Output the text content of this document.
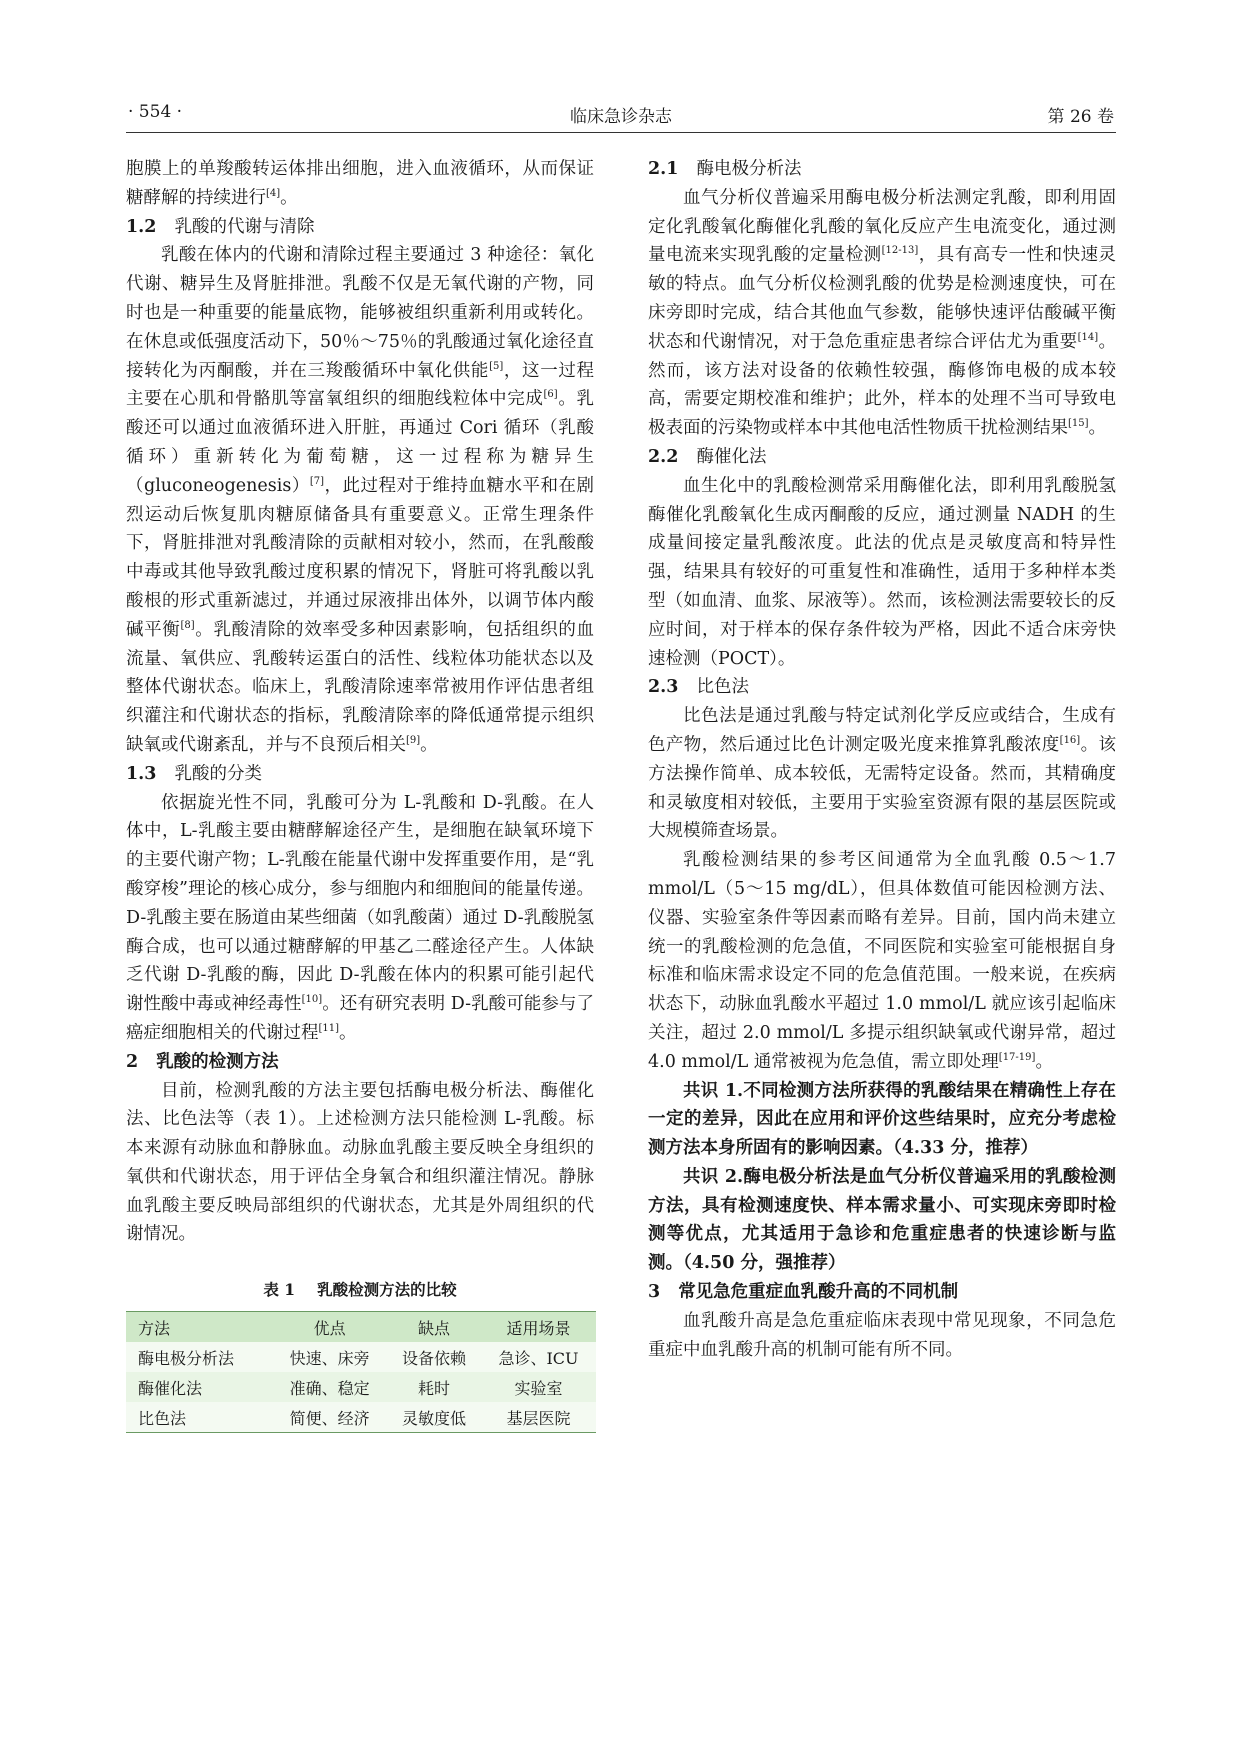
· 554 ·	临床急诊杂志	第 26 卷

胞膜上的单羧酸转运体排出细胞，进入血液循环，从而保证糖酵解的持续进行[4]。

1.2 乳酸的代谢与清除

乳酸在体内的代谢和清除过程主要通过 3 种途径：氧化代谢、糖异生及肾脏排泄。乳酸不仅是无氧代谢的产物，同时也是一种重要的能量底物，能够被组织重新利用或转化。在休息或低强度活动下，50％～75％的乳酸通过氧化途径直接转化为丙酮酸，并在三羧酸循环中氧化供能[5]，这一过程主要在心肌和骨骼肌等富氧组织的细胞线粒体中完成[6]。乳酸还可以通过血液循环进入肝脏，再通过 Cori 循环（乳酸循环）重新转化为葡萄糖，这一过程称为糖异生（gluconeogenesis）[7]，此过程对于维持血糖水平和在剧烈运动后恢复肌肉糖原储备具有重要意义。正常生理条件下，肾脏排泄对乳酸清除的贡献相对较小，然而，在乳酸酸中毒或其他导致乳酸过度积累的情况下，肾脏可将乳酸以乳酸根的形式重新滤过，并通过尿液排出体外，以调节体内酸碱平衡[8]。乳酸清除的效率受多种因素影响，包括组织的血流量、氧供应、乳酸转运蛋白的活性、线粒体功能状态以及整体代谢状态。临床上，乳酸清除速率常被用作评估患者组织灌注和代谢状态的指标，乳酸清除率的降低通常提示组织缺氧或代谢紊乱，并与不良预后相关[9]。

1.3 乳酸的分类

依据旋光性不同，乳酸可分为 L-乳酸和 D-乳酸。在人体中，L-乳酸主要由糖酵解途径产生，是细胞在缺氧环境下的主要代谢产物；L-乳酸在能量代谢中发挥重要作用，是“乳酸穿梭”理论的核心成分，参与细胞内和细胞间的能量传递。D-乳酸主要在肠道由某些细菌（如乳酸菌）通过 D-乳酸脱氢酶合成，也可以通过糖酵解的甲基乙二醛途径产生。人体缺乏代谢 D-乳酸的酶，因此 D-乳酸在体内的积累可能引起代谢性酸中毒或神经毒性[10]。还有研究表明 D-乳酸可能参与了癌症细胞相关的代谢过程[11]。

2 乳酸的检测方法

目前，检测乳酸的方法主要包括酶电极分析法、酶催化法、比色法等（表 1）。上述检测方法只能检测 L-乳酸。标本来源有动脉血和静脉血。动脉血乳酸主要反映全身组织的氧供和代谢状态，用于评估全身氧合和组织灌注情况。静脉血乳酸主要反映局部组织的代谢状态，尤其是外周组织的代谢情况。

表 1 乳酸检测方法的比较
方法	优点	缺点	适用场景
酶电极分析法	快速、床旁	设备依赖	急诊、ICU
酶催化法	准确、稳定	耗时	实验室
比色法	简便、经济	灵敏度低	基层医院
2.1 酶电极分析法

血气分析仪普遍采用酶电极分析法测定乳酸，即利用固定化乳酸氧化酶催化乳酸的氧化反应产生电流变化，通过测量电流来实现乳酸的定量检测[12-13]，具有高专一性和快速灵敏的特点。血气分析仪检测乳酸的优势是检测速度快，可在床旁即时完成，结合其他血气参数，能够快速评估酸碱平衡状态和代谢情况，对于急危重症患者综合评估尤为重要[14]。然而，该方法对设备的依赖性较强，酶修饰电极的成本较高，需要定期校准和维护；此外，样本的处理不当可导致电极表面的污染物或样本中其他电活性物质干扰检测结果[15]。

2.2 酶催化法

血生化中的乳酸检测常采用酶催化法，即利用乳酸脱氢酶催化乳酸氧化生成丙酮酸的反应，通过测量 NADH 的生成量间接定量乳酸浓度。此法的优点是灵敏度高和特异性强，结果具有较好的可重复性和准确性，适用于多种样本类型（如血清、血浆、尿液等）。然而，该检测法需要较长的反应时间，对于样本的保存条件较为严格，因此不适合床旁快速检测（POCT）。

2.3 比色法

比色法是通过乳酸与特定试剂化学反应或结合，生成有色产物，然后通过比色计测定吸光度来推算乳酸浓度[16]。该方法操作简单、成本较低，无需特定设备。然而，其精确度和灵敏度相对较低，主要用于实验室资源有限的基层医院或大规模筛查场景。

乳酸检测结果的参考区间通常为全血乳酸 0.5～1.7 mmol/L（5～15 mg/dL），但具体数值可能因检测方法、仪器、实验室条件等因素而略有差异。目前，国内尚未建立统一的乳酸检测的危急值，不同医院和实验室可能根据自身标准和临床需求设定不同的危急值范围。一般来说，在疾病状态下，动脉血乳酸水平超过 1.0 mmol/L 就应该引起临床关注，超过 2.0 mmol/L 多提示组织缺氧或代谢异常，超过 4.0 mmol/L 通常被视为危急值，需立即处理[17-19]。

共识 1.不同检测方法所获得的乳酸结果在精确性上存在一定的差异，因此在应用和评价这些结果时，应充分考虑检测方法本身所固有的影响因素。（4.33 分，推荐）

共识 2.酶电极分析法是血气分析仪普遍采用的乳酸检测方法，具有检测速度快、样本需求量小、可实现床旁即时检测等优点，尤其适用于急诊和危重症患者的快速诊断与监测。（4.50 分，强推荐）

3 常见急危重症血乳酸升高的不同机制

血乳酸升高是急危重症临床表现中常见现象，不同急危重症中血乳酸升高的机制可能有所不同。
